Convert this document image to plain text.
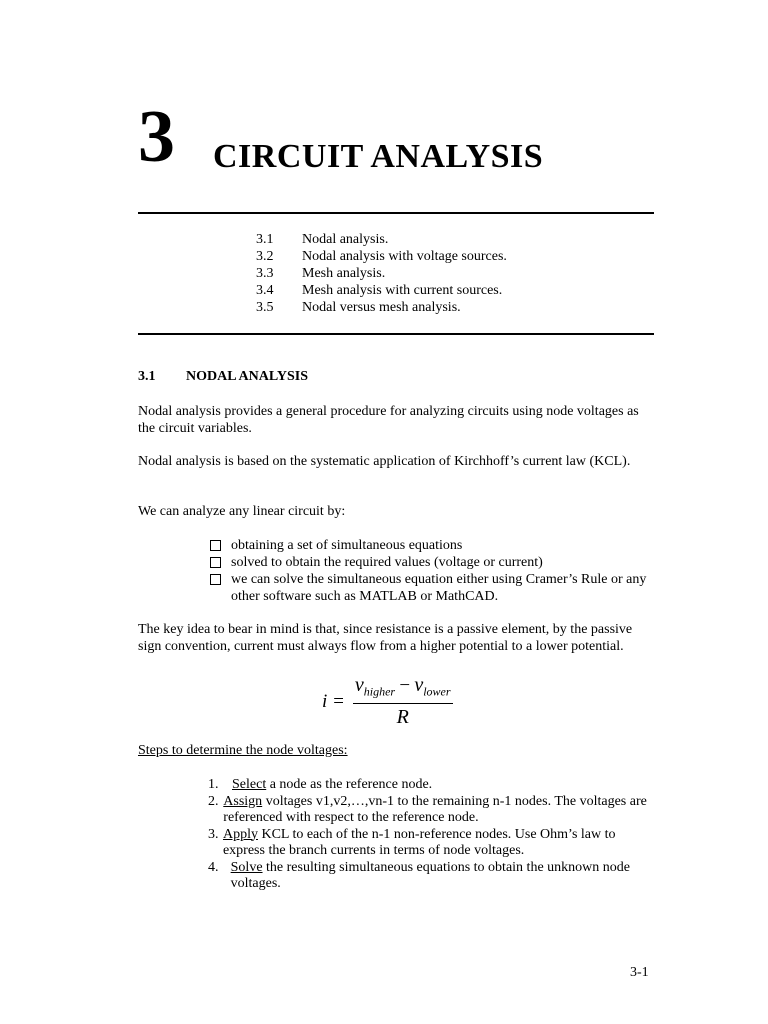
3 CIRCUIT ANALYSIS
3.1	Nodal analysis.
3.2	Nodal analysis with voltage sources.
3.3	Mesh analysis.
3.4	Mesh analysis with current sources.
3.5	Nodal versus mesh analysis.
3.1	NODAL ANALYSIS
Nodal analysis provides a general procedure for analyzing circuits using node voltages as the circuit variables.
Nodal analysis is based on the systematic application of Kirchhoff’s current law (KCL).
We can analyze any linear circuit by:
obtaining a set of simultaneous equations
solved to obtain the required values (voltage or current)
we can solve the simultaneous equation either using Cramer’s Rule or any other software such as MATLAB or MathCAD.
The key idea to bear in mind is that, since resistance is a passive element, by the passive sign convention, current must always flow from a higher potential to a lower potential.
i =
$v_{higher} - v_{lower}$
R
Steps to determine the node voltages:
1. Select a node as the reference node.
2. Assign voltages v1,v2,…,vn-1 to the remaining n-1 nodes. The voltages are referenced with respect to the reference node.
3. Apply KCL to each of the n-1 non-reference nodes. Use Ohm’s law to express the branch currents in terms of node voltages.
4. Solve the resulting simultaneous equations to obtain the unknown node voltages.
3-1
